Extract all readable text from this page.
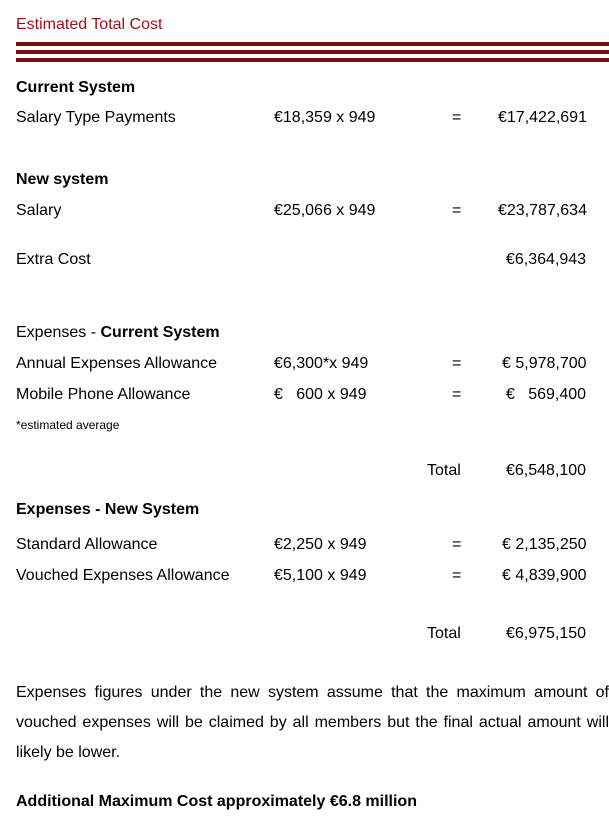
Estimated Total Cost
Current System
Salary Type Payments	€18,359 x 949	= €17,422,691
New system
Salary	€25,066 x 949	= €23,787,634
Extra Cost	€6,364,943
Expenses - Current System
Annual Expenses Allowance	€6,300*x 949	=	€ 5,978,700
Mobile Phone Allowance	€   600 x 949	=	€   569,400
*estimated average
Total	€6,548,100
Expenses - New System
Standard Allowance	€2,250 x 949	=	€ 2,135,250
Vouched Expenses Allowance	€5,100 x 949	=	€ 4,839,900
Total	€6,975,150
Expenses figures under the new system assume that the maximum amount of vouched expenses will be claimed by all members but the final actual amount will likely be lower.
Additional Maximum Cost approximately €6.8 million
